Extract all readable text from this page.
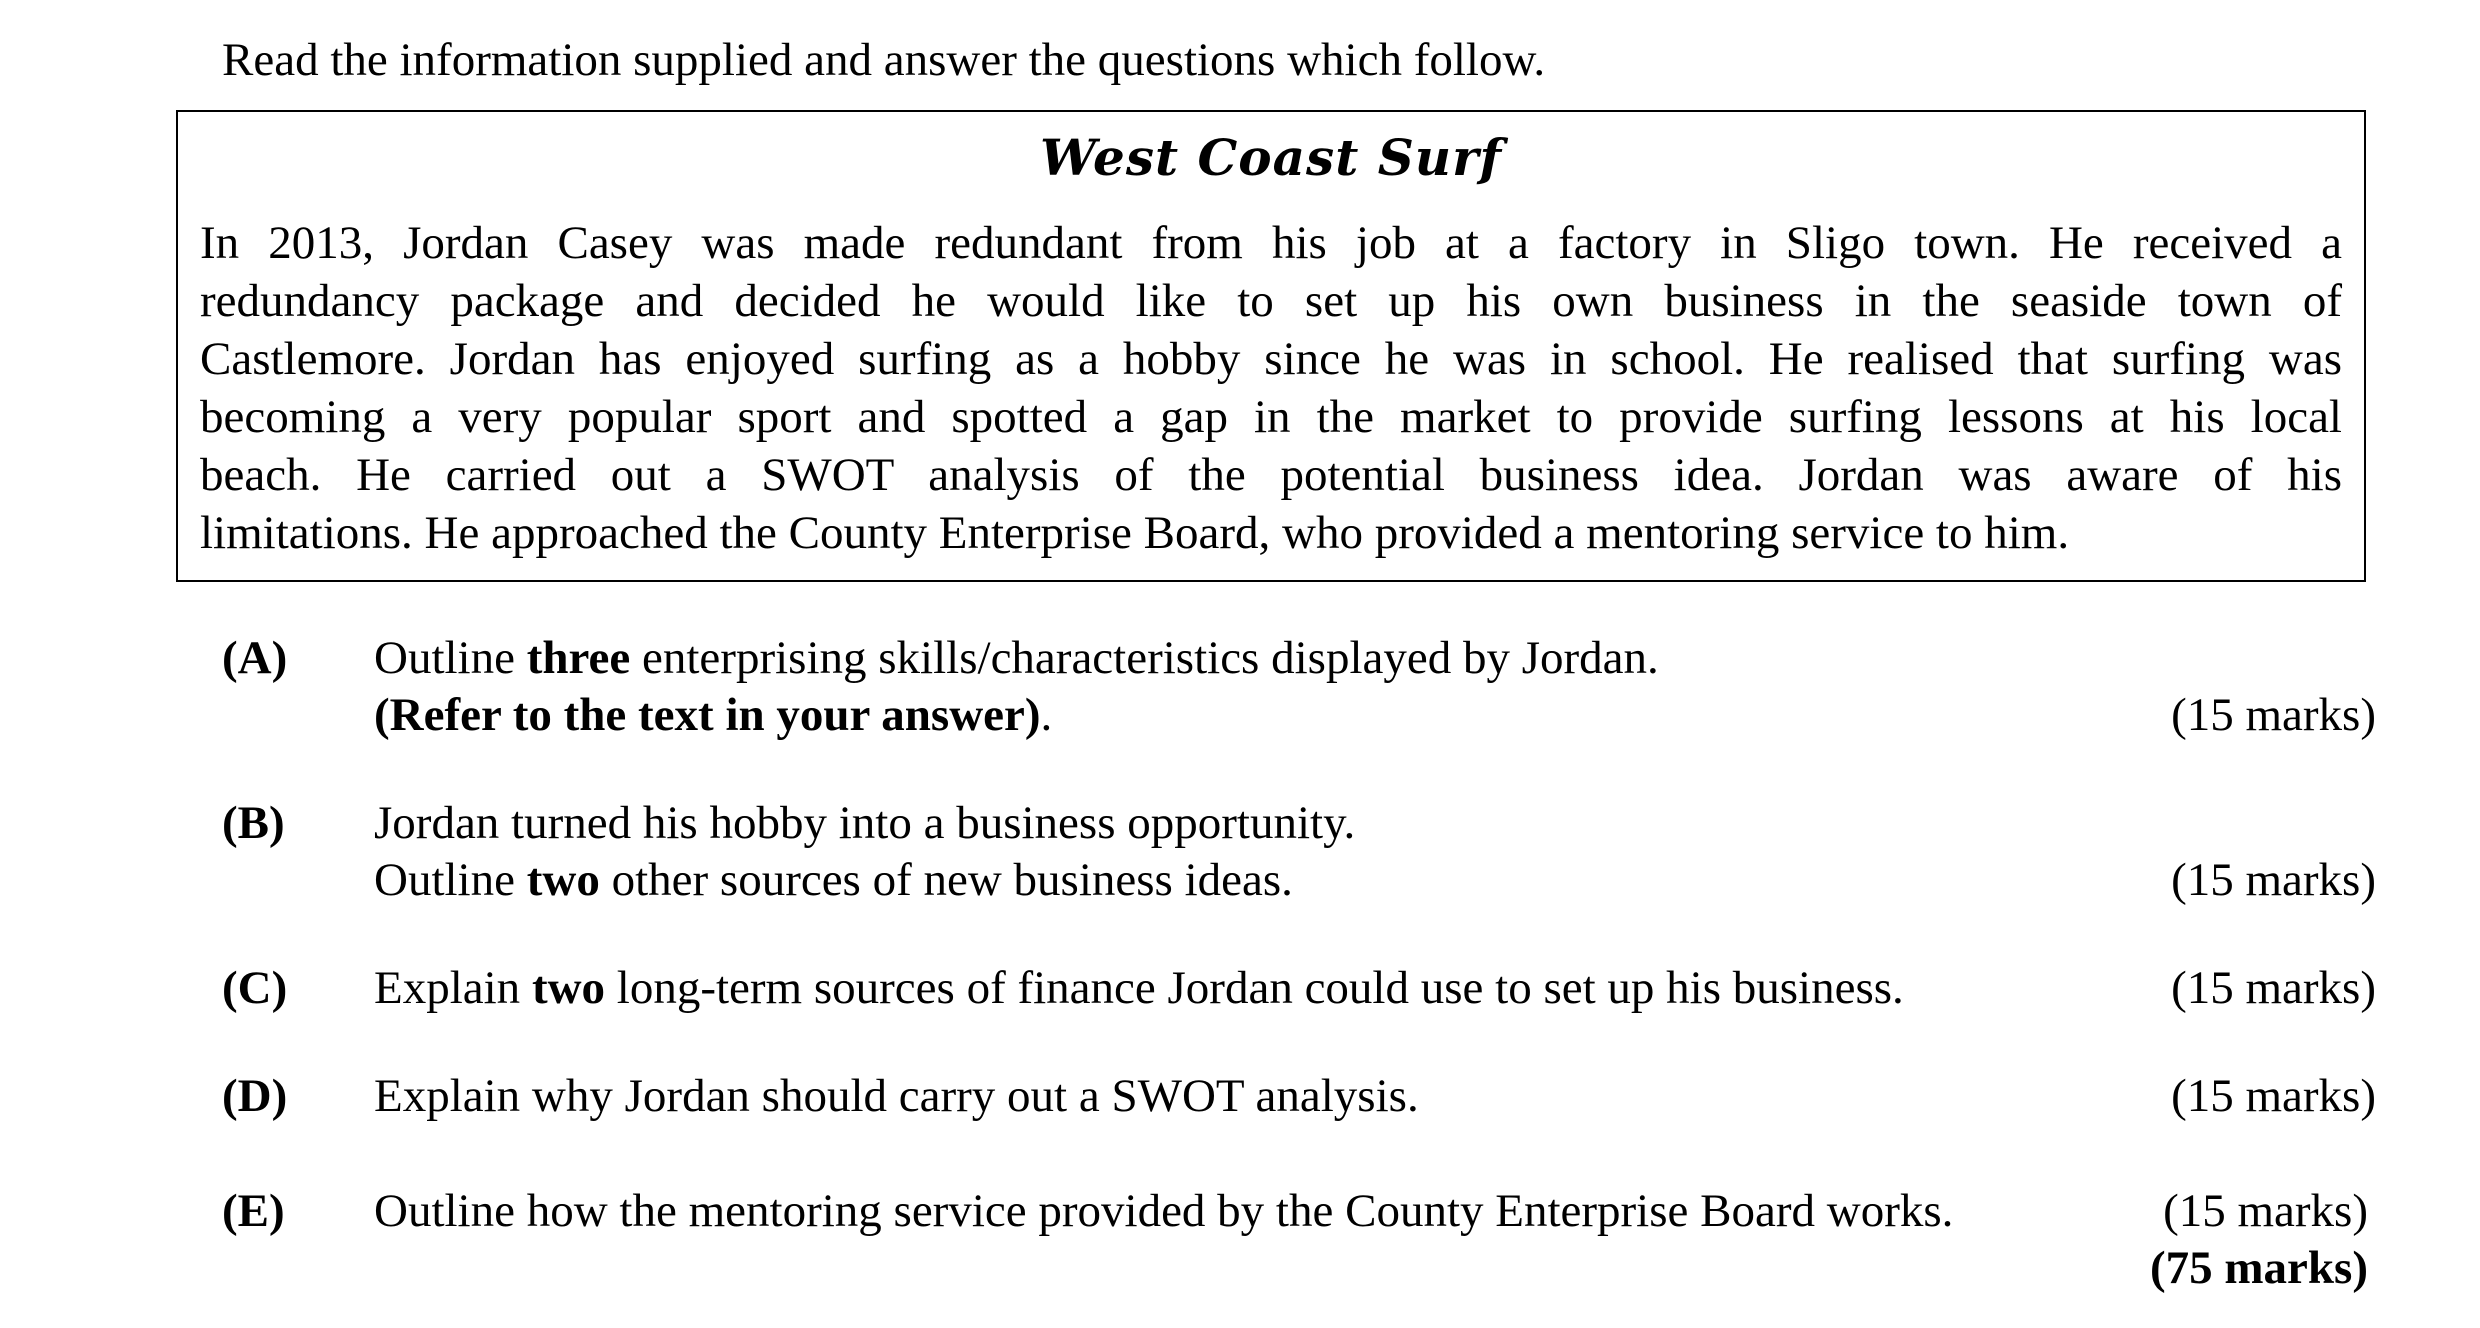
Read the information supplied and answer the questions which follow.
West Coast Surf
In 2013, Jordan Casey was made redundant from his job at a factory in Sligo town. He received a
redundancy package and decided he would like to set up his own business in the seaside town of
Castlemore. Jordan has enjoyed surfing as a hobby since he was in school. He realised that surfing was
becoming a very popular sport and spotted a gap in the market to provide surfing lessons at his local
beach. He carried out a SWOT analysis of the potential business idea. Jordan was aware of his
limitations. He approached the County Enterprise Board, who provided a mentoring service to him.
(A) Outline three enterprising skills/characteristics displayed by Jordan.
(Refer to the text in your answer).	(15 marks)
(B) Jordan turned his hobby into a business opportunity.
Outline two other sources of new business ideas.	(15 marks)
(C) Explain two long-term sources of finance Jordan could use to set up his business.	(15 marks)
(D) Explain why Jordan should carry out a SWOT analysis.	(15 marks)
(E) Outline how the mentoring service provided by the County Enterprise Board works.	(15 marks)
(75 marks)
